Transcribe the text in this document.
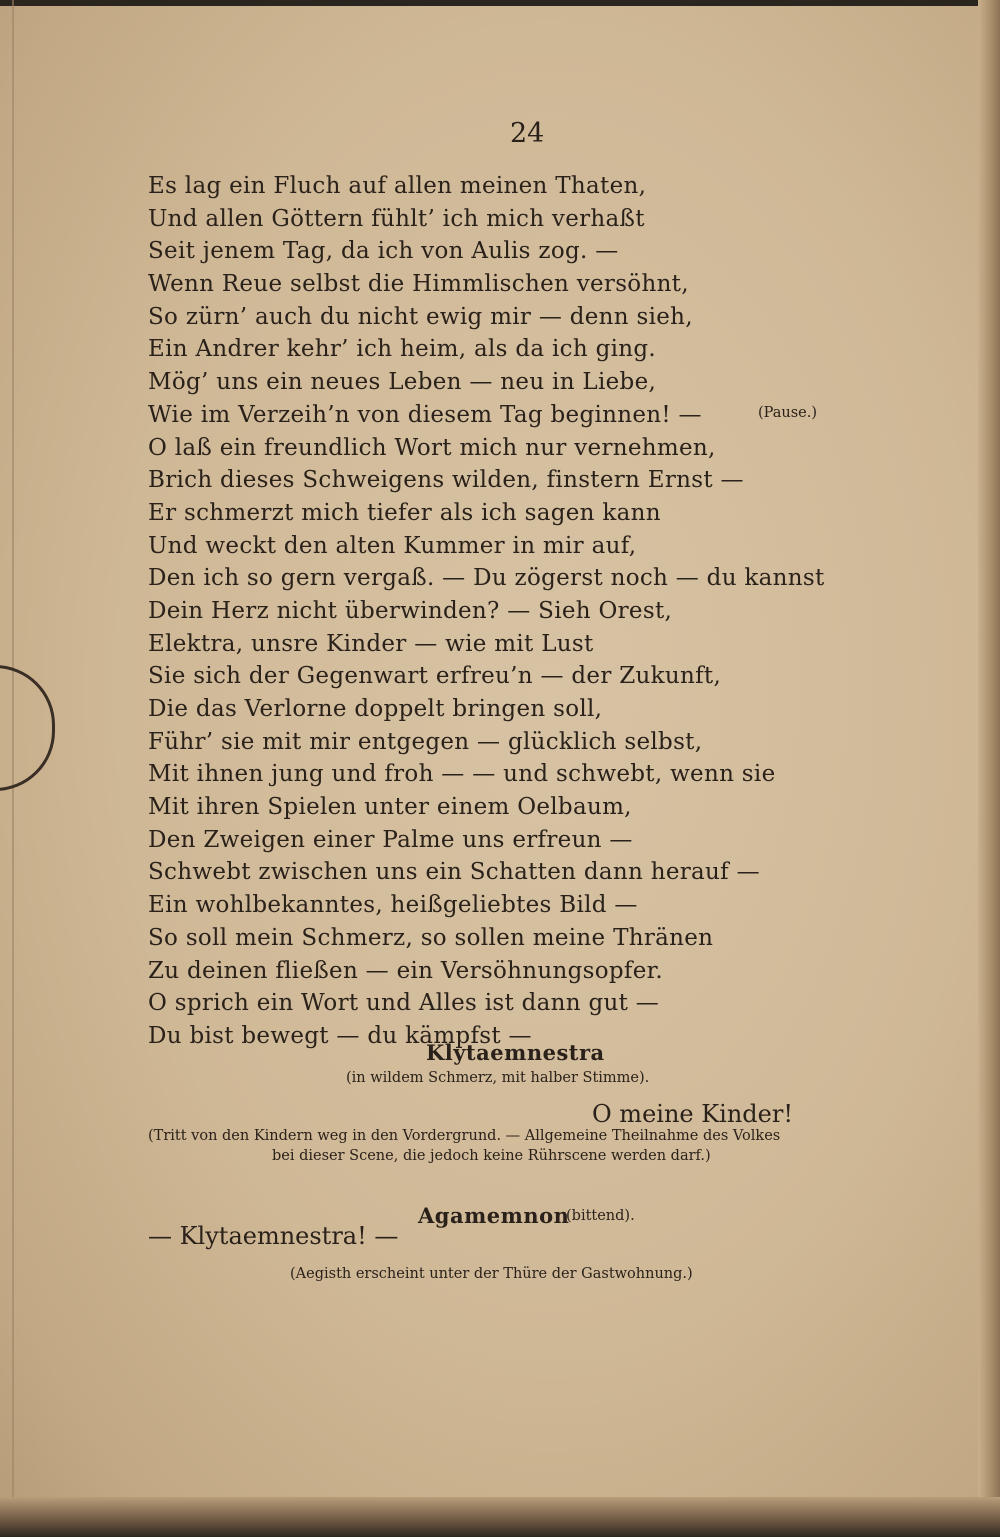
24
Es lag ein Fluch auf allen meinen Thaten,
Und allen Göttern fühlt’ ich mich verhaßt
Seit jenem Tag, da ich von Aulis zog. —
Wenn Reue selbst die Himmlischen versöhnt,
So zürn’ auch du nicht ewig mir — denn sieh,
Ein Andrer kehr’ ich heim, als da ich ging.
Mög’ uns ein neues Leben — neu in Liebe,
Wie im Verzeih’n von diesem Tag beginnen! —
O laß ein freundlich Wort mich nur vernehmen,
Brich dieses Schweigens wilden, finstern Ernst —
Er schmerzt mich tiefer als ich sagen kann
Und weckt den alten Kummer in mir auf,
Den ich so gern vergaß. — Du zögerst noch — du kannst
Dein Herz nicht überwinden? — Sieh Orest,
Elektra, unsre Kinder — wie mit Lust
Sie sich der Gegenwart erfreu’n — der Zukunft,
Die das Verlorne doppelt bringen soll,
Führ’ sie mit mir entgegen — glücklich selbst,
Mit ihnen jung und froh — — und schwebt, wenn sie
Mit ihren Spielen unter einem Oelbaum,
Den Zweigen einer Palme uns erfreun —
Schwebt zwischen uns ein Schatten dann herauf —
Ein wohlbekanntes, heißgeliebtes Bild —
So soll mein Schmerz, so sollen meine Thränen
Zu deinen fließen — ein Versöhnungsopfer.
O sprich ein Wort und Alles ist dann gut —
Du bist bewegt — du kämpfst —
(Pause.)
Klytaemnestra
(in wildem Schmerz, mit halber Stimme).
O meine Kinder!
(Tritt von den Kindern weg in den Vordergrund. — Allgemeine Theilnahme des Volkes
bei dieser Scene, die jedoch keine Rührscene werden darf.)
Agamemnon
(bittend).
— Klytaemnestra! —
(Aegisth erscheint unter der Thüre der Gastwohnung.)
